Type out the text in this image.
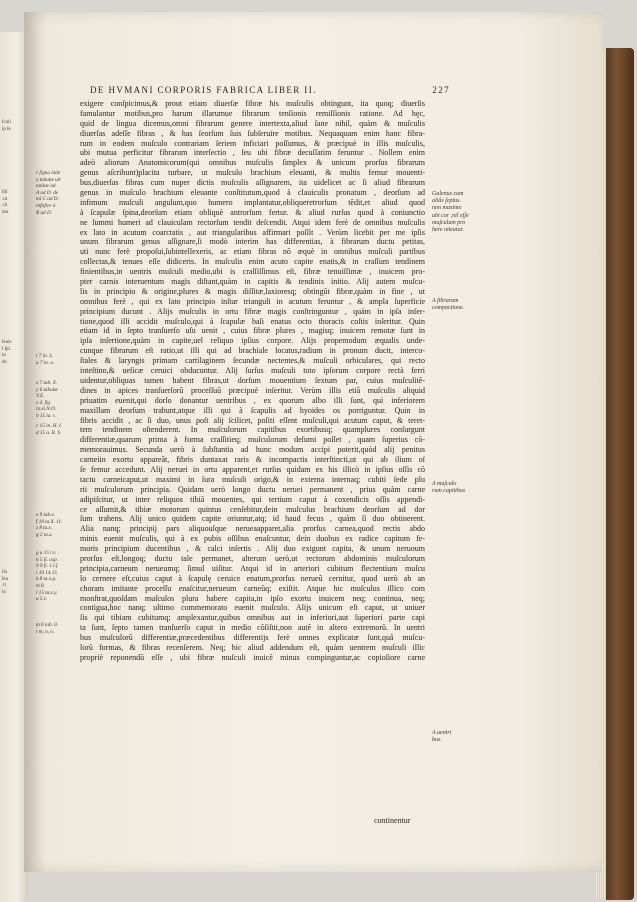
ſcuii
ip ſe

ſiti
.ut
.ut
mu

ſeuis
l ſpi
io
de

ila
ſeu
.ti
io

DE HVMANI CORPORIS FABRICA LIBER II.	227
exigere conſpicimus,& prout etiam diuerſæ fibræ his muſculis obtingunt, ita quoq; diuerſis
famulantur motibus,pro harum illarumue fibrarum tenſionis remiſſionis ratione. Ad hęc,
quid de lingua dicemus,omni fibrarum genere intertexta,aliud ſane nihil, quàm & muſculis
diuerſas adeſſe fibras , & has ſeorſum ſuis ſubſeruire motibus. Nequaquam enim hanc fibra-
rum in eodem muſculo contrariam ſeriem inficiari poſſumus, & præcipuè in illis muſculis,
ubi mutua perficitur fibrarum interſectio , ſeu ubi fibræ decuſſatim feruntur . Nollem enim
adeò aliorum Anatomicorum(qui omnibus muſculis ſimplex & unicum prorſus fibrarum
genus aſcribunt)placita turbare, ut muſculo brachium eleuanti, & multis femur mouenti-
bus,diuerſas fibras cum nuper dictis muſculis aſſignarem, ita uidelicet ac ſi aliud fibrarum
genus in muſculo brachium eleuante conſtitutum,quod à clauiculis pronatum , deorſum ad
infimum muſculi angulum,quo humero implantatur,obliqueretrorſum tẽdit,et aliud quod
à ſcapulæ ſpina,deorſum etiam obliquè antrorſum fertur. & aliud rurſus quod à coniunctio
ne ſummi humeri ad clauiculam rectorſum tendit deſcendit. Atqui idem ferè de omnibus muſculis
ex lato in acutum coarctatis , aut triangularibus affirmari poſſit . Verùm licebit per me ipſis
unum fibrarum genus aſſignare,ſi modò interim has differentias, à fibrarum ductu petitas,
uti nunc ferè propoſui,ſubintellexeris, ac etiam fibras nõ æquè in omnibus muſculi partibus
collectas,& tenues eſſe didiceris. In muſculis enim acuto capite enatis,& in craſſum tendinem
finientibus,in uentris muſculi medio,ubi is craſſiſſimus eſt, fibræ tenuiſſimæ , inuicem pro-
pter carnis interuentum magis diſtant,quàm in capitis & tendinis initio. Alij autem muſcu-
lis in principio & origine,plures & magis diſſitæ,laxioresq; obtingũt fibræ,quàm in fine , ut
omnibus ferè , qui ex lato principio inſtar trianguli in acutum feruntur , & ampla ſuperficie
principium ducunt . Alijs muſculis in ortu fibræ magis conſtringuntur , quàm in ipſa inſer-
tione,quod illi accidit muſculo,qui à ſcapulæ baſi enatus octo thoracis coſtis inſeritur. Quin
etiam id in ſepto tranſuerſo uſu uenit , cuius fibræ plures , magisq; inuicem remotæ ſunt in
ipſa inſertione,quàm in capite,uel reliquo ipſius corpore. Alijs propemodum æqualis unde-
cunque fibrarum eſt ratio,ut illi qui ad brachiale locatus,radium in pronum ducit, interco-
ſtales & laryngis primam cartilaginem ſecundæ nectentes,& muſculi orbiculares, qui recto
inteſtino,& ueſicæ ceruici obducuntur. Alij ſurſus muſculi toto ipſorum corpore rectà ferri
uidentur,obliquas tamen habent fibras,ut dorſum mouentium ſextum par, cuius muſculitẽ-
dines in apices tranſuerſorũ proceſſuũ præcipuè inſeritur. Verùm illis etiã muſculis aliquid
priuatim euenit,qui dorſo donantur uentribus , ex quorum albo illi ſunt, qui inferiorem
maxillam deorſum trahunt,atque illi qui à ſcapulis ad hyoides os porriguntur. Quin in
fibris accidit , ac ſi duo, unus poſt alij ſcilicet, poſiti eſſent muſculi,qui acutum caput, & teret-
tem tendinem oſtenderent. In muſculorum capitibus exortibusq; quamplures conſurgunt
differentiæ,quarum prima à forma craſſitieq; muſculorum deſumi poſſet , quam ſuperius cõ-
memorauimus. Secunda uerò à ſubſtantia ad hunc modum accipi poterit,quòd alij penitus
carneiin exortu appareãt, fibris duntaxat raris & incompactis interſtincti,ut qui ab ilium oſ
ſe femur accedunt. Alij neruei in ortu apparent,et rurſus quidam ex his illicò in ipſius oſſis cõ
tactu carneicaput,ut maximi in ſura muſculi origo,& in externa internaq; cubiti ſede plu
rii muſculorum principia. Quidam uerò longo ductu neruei permanent , prius quàm carne
adipiſcitur, ut inter reliquos tibiã mouentes, qui tertium caput à coxendicis oſſis appendi-
ce aſſumit,& tibiæ motorum quintus cenſebitur,dein muſculus brachium deorſum ad dor
ſum trahens. Alij unico quidem capite oriuntur,atq; id haud fecus , quàm ſi duo obtinerent.
Alia nanq; principij pars aliquouſque nerueaapparet,alia prorſus carnea,quod rectis abdo
minis euenit muſculis, qui à ex pubis oſſibus enaſcuntur, dein duobus ex radice capitum fe-
moris principium ducentibus , & calci inſertis . Alij duo exigunt capita, & unum neruoum
prorſus eſt,longoq; ductu tale permanet, alterum uerò,ut rectorum abdominis muſculorum
principia,carneum nerueumq; ſimul uiſitur. Atqui id in arteriori cubitum flectentium muſcu
lo cernere eſt,cuius caput à ſcapulę ceruice enatum,prorſus nerueũ cernitur, quod uerò ab an
choram imitante proceſſu enaſcitur,nerueum carneũq; exiſtit. Atque hic muſculus illico com
monſtrat,quoſdam muſculos plura habere capita,in ipſo exortu inuicem neq; continua, neq;
contigua,hoc nanq; ultimo commemorato euenit muſculo. Alijs unicum eſt caput, ut uniuer
ſis qui tibiam cubitumq; amplexantur,quibus omnibus aut in inferiori,aut ſuperiori parte capi
ta ſunt, ſepto tamen tranſuerſo caput in medio cõſiſtit,non autẽ in altero extremorũ. In uentri
bus muſculorũ differentiæ,præcedentibus differentijs ferè omnes explicatæ ſunt,quã muſcu-
lorũ formas, & fibras recenſerem. Neq; hic aliud addendum eſt, quàm uentrem muſculi illic
propriè reponendũ eſſe , ubi fibræ muſculi inuicẽ minus compinguntur,ac copioſiore carne
r ſigna inde
x tabulæ uir
notiae ad
A ad D. de
mi C ad D.
inſtiſter à
B ad D.
t 7 in. L.
u 7 in. o.
x 7 tab. X.
y 6 tabulæ
V.X.
z 4. ſig.
ta.xi.N.O.
b 15 ta. r.
c 15 in. H. I.
d 15 a. R. S.
e 9 tab.x.
f 10 ta.X. 11.
z 8 ta.x.
g 2 ta.x.
g u 15 t.v.
h 5 ſi. cap.
9 9 ſi. 1.l.ſ.
i 10 14.15
k 8 ta.x.g.
m 8.
l 15 ta.x.y.
u 5.v.
m 6 tab. 0.
t m, n, o.
Galenus cum
aliâs ſeptus.
non maximo
ubi cor ,nil eſſe
muſculum pro
here niteatur.
A fibrarum
compactione.
A muſculo
rum capitibus
A uentri
bus.
continentur
